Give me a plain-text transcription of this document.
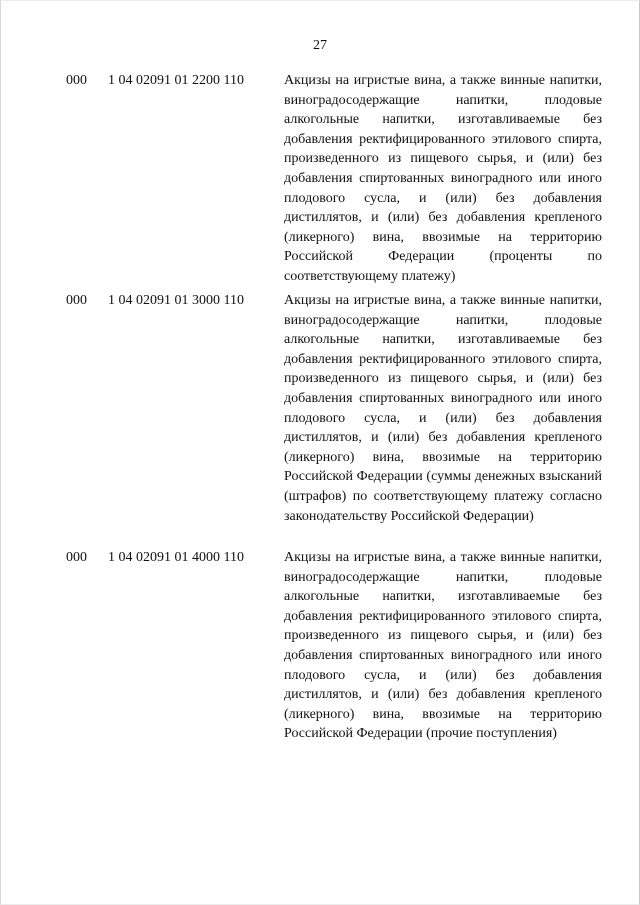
27
000 1 04 02091 01 2200 110	Акцизы на игристые вина, а также винные напитки, виноградосодержащие напитки, плодовые алкогольные напитки, изготавливаемые без добавления ректифицированного этилового спирта, произведенного из пищевого сырья, и (или) без добавления спиртованных виноградного или иного плодового сусла, и (или) без добавления дистиллятов, и (или) без добавления крепленого (ликерного) вина, ввозимые на территорию Российской Федерации (проценты по соответствующему платежу)
000 1 04 02091 01 3000 110	Акцизы на игристые вина, а также винные напитки, виноградосодержащие напитки, плодовые алкогольные напитки, изготавливаемые без добавления ректифицированного этилового спирта, произведенного из пищевого сырья, и (или) без добавления спиртованных виноградного или иного плодового сусла, и (или) без добавления дистиллятов, и (или) без добавления крепленого (ликерного) вина, ввозимые на территорию Российской Федерации (суммы денежных взысканий (штрафов) по соответствующему платежу согласно законодательству Российской Федерации)
000 1 04 02091 01 4000 110	Акцизы на игристые вина, а также винные напитки, виноградосодержащие напитки, плодовые алкогольные напитки, изготавливаемые без добавления ректифицированного этилового спирта, произведенного из пищевого сырья, и (или) без добавления спиртованных виноградного или иного плодового сусла, и (или) без добавления дистиллятов, и (или) без добавления крепленого (ликерного) вина, ввозимые на территорию Российской Федерации (прочие поступления)
